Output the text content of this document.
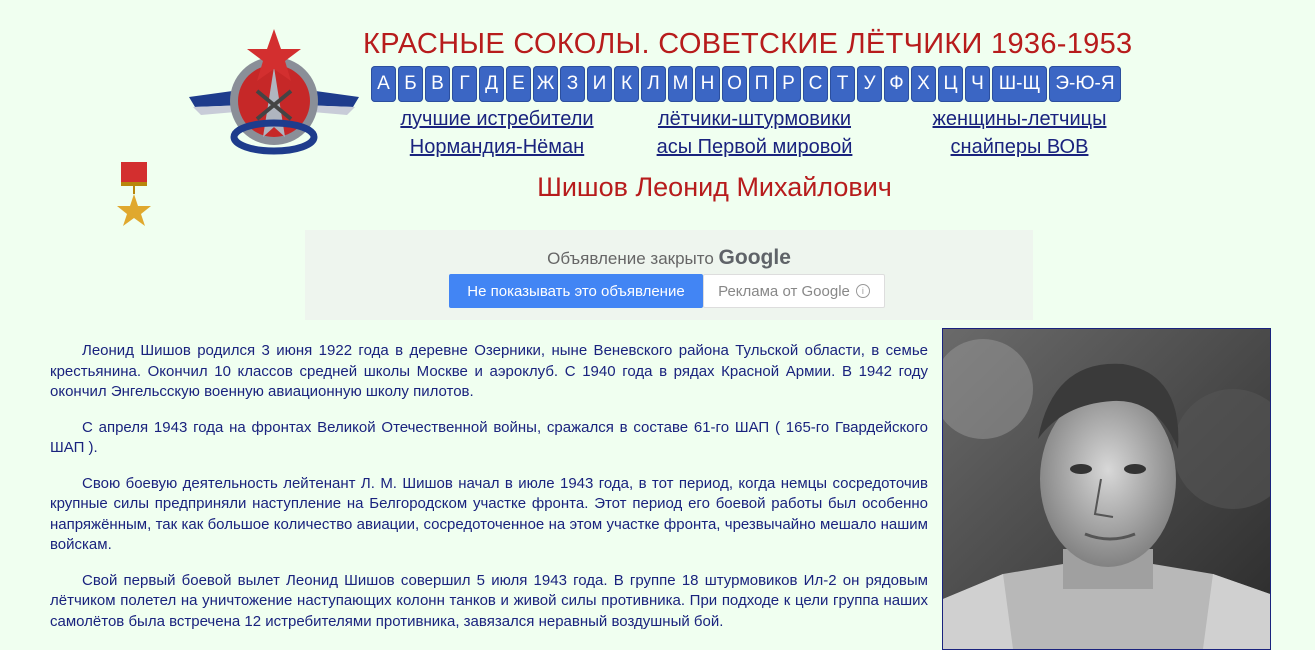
КРАСНЫЕ СОКОЛЫ. СОВЕТСКИЕ ЛЁТЧИКИ 1936-1953
А Б В Г Д Е Ж З И К Л М Н О П Р С Т У Ф Х Ц Ч Ш-Щ Э-Ю-Я
лучшие истребители	лётчики-штурмовики	женщины-летчицы
Нормандия-Нёман	асы Первой мировой	снайперы ВОВ
Шишов Леонид Михайлович
Объявление закрыто Google
Не показывать это объявление	Реклама от Google	i

Леонид Шишов родился 3 июня 1922 года в деревне Озерники, ныне Веневского района Тульской области, в семье крестьянина. Окончил 10 классов средней школы Москве и аэроклуб. С 1940 года в рядах Красной Армии. В 1942 году окончил Энгельсскую военную авиационную школу пилотов.

С апреля 1943 года на фронтах Великой Отечественной войны, сражался в составе 61-го ШАП ( 165-го Гвардейского ШАП ).

Свою боевую деятельность лейтенант Л. М. Шишов начал в июле 1943 года, в тот период, когда немцы сосредоточив крупные силы предприняли наступление на Белгородском участке фронта. Этот период его боевой работы был особенно напряжённым, так как большое количество авиации, сосредоточенное на этом участке фронта, чрезвычайно мешало нашим войскам.

Свой первый боевой вылет Леонид Шишов совершил 5 июля 1943 года. В группе 18 штурмовиков Ил-2 он рядовым лётчиком полетел на уничтожение наступающих колонн танков и живой силы противника. При подходе к цели группа наших самолётов была встречена 12 истребителями противника, завязался неравный воздушный бой.
